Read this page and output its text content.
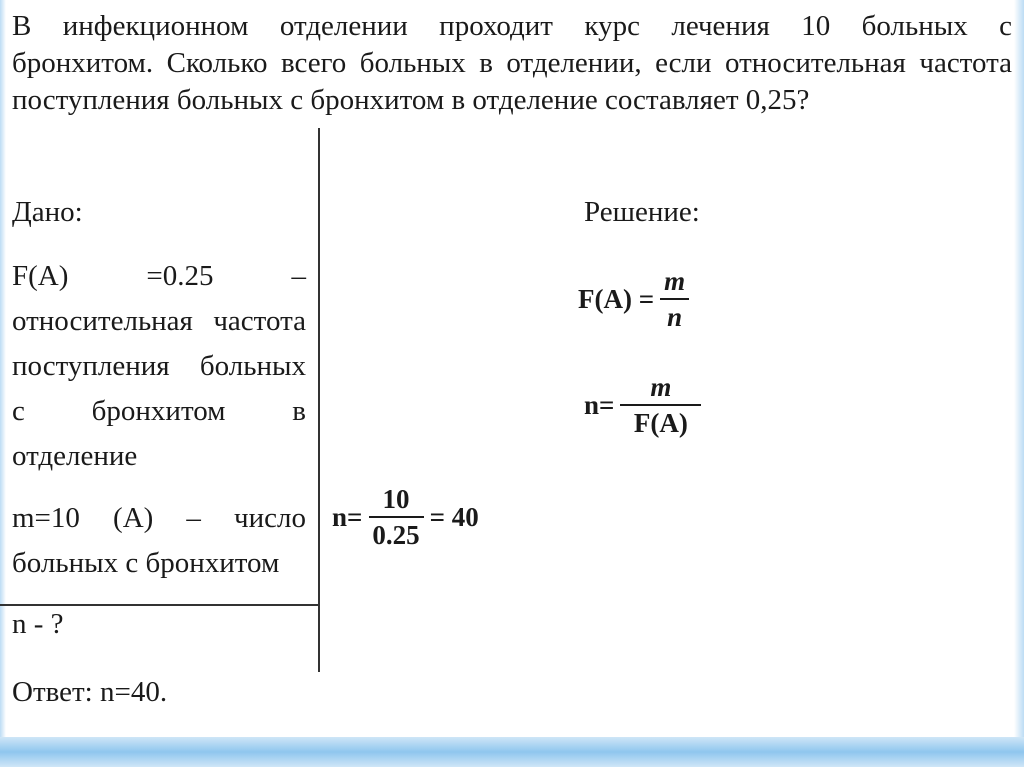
В инфекционном отделении проходит курс лечения 10 больных с
бронхитом. Сколько всего больных в отделении, если относительная частота
поступления больных с бронхитом в отделение составляет 0,25?
Дано:
F(A) =0.25 –
относительная частота
поступления больных
с бронхитом в
отделение
m=10 (А) – число
больных с бронхитом
n - ?
Ответ: n=40.
Решение:
$F(A) = \frac{m}{n}$
$n= \frac{m}{F(A)}$
$n= \frac{10}{0.25} = 40$
